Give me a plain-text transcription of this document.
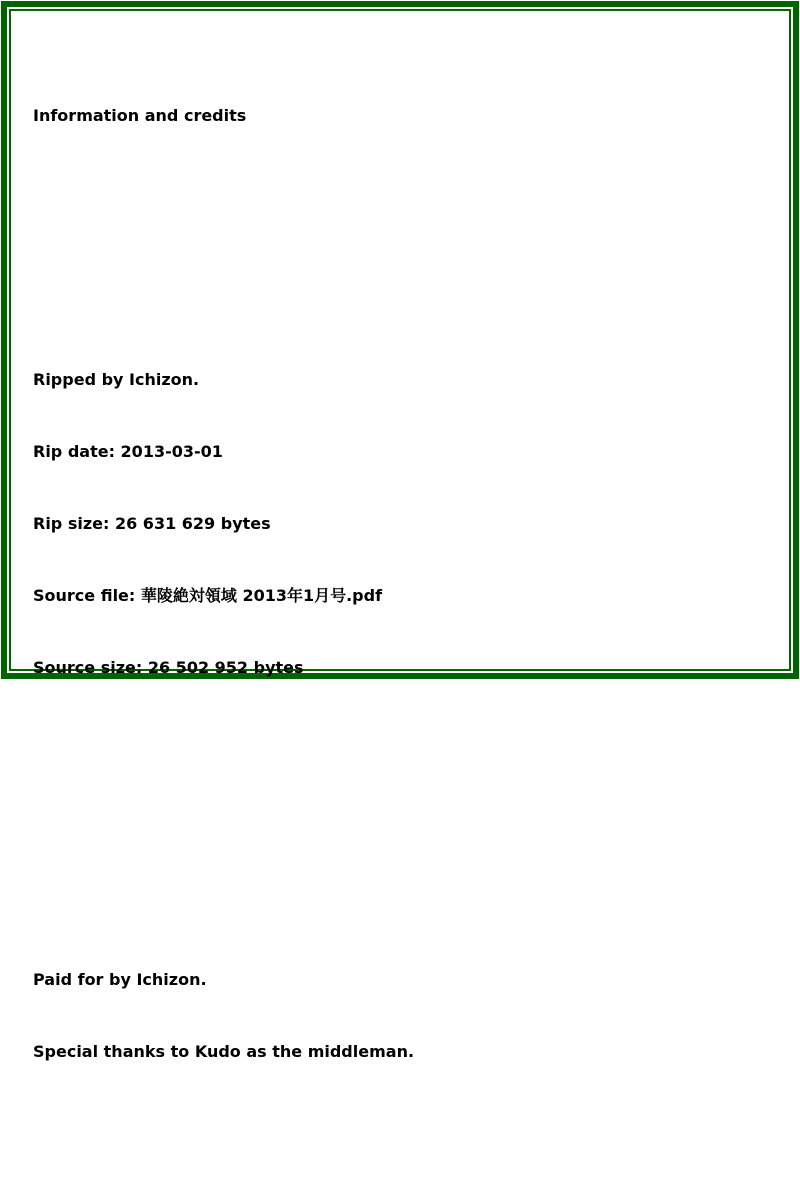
Information and credits

Ripped by Ichizon.

Rip date: 2013-03-01

Rip size: 26 631 629 bytes

Source file: 華陵絶対領域 2013年1月号.pdf

Source size: 26 502 952 bytes

Paid for by Ichizon.

Special thanks to Kudo as the middleman.
